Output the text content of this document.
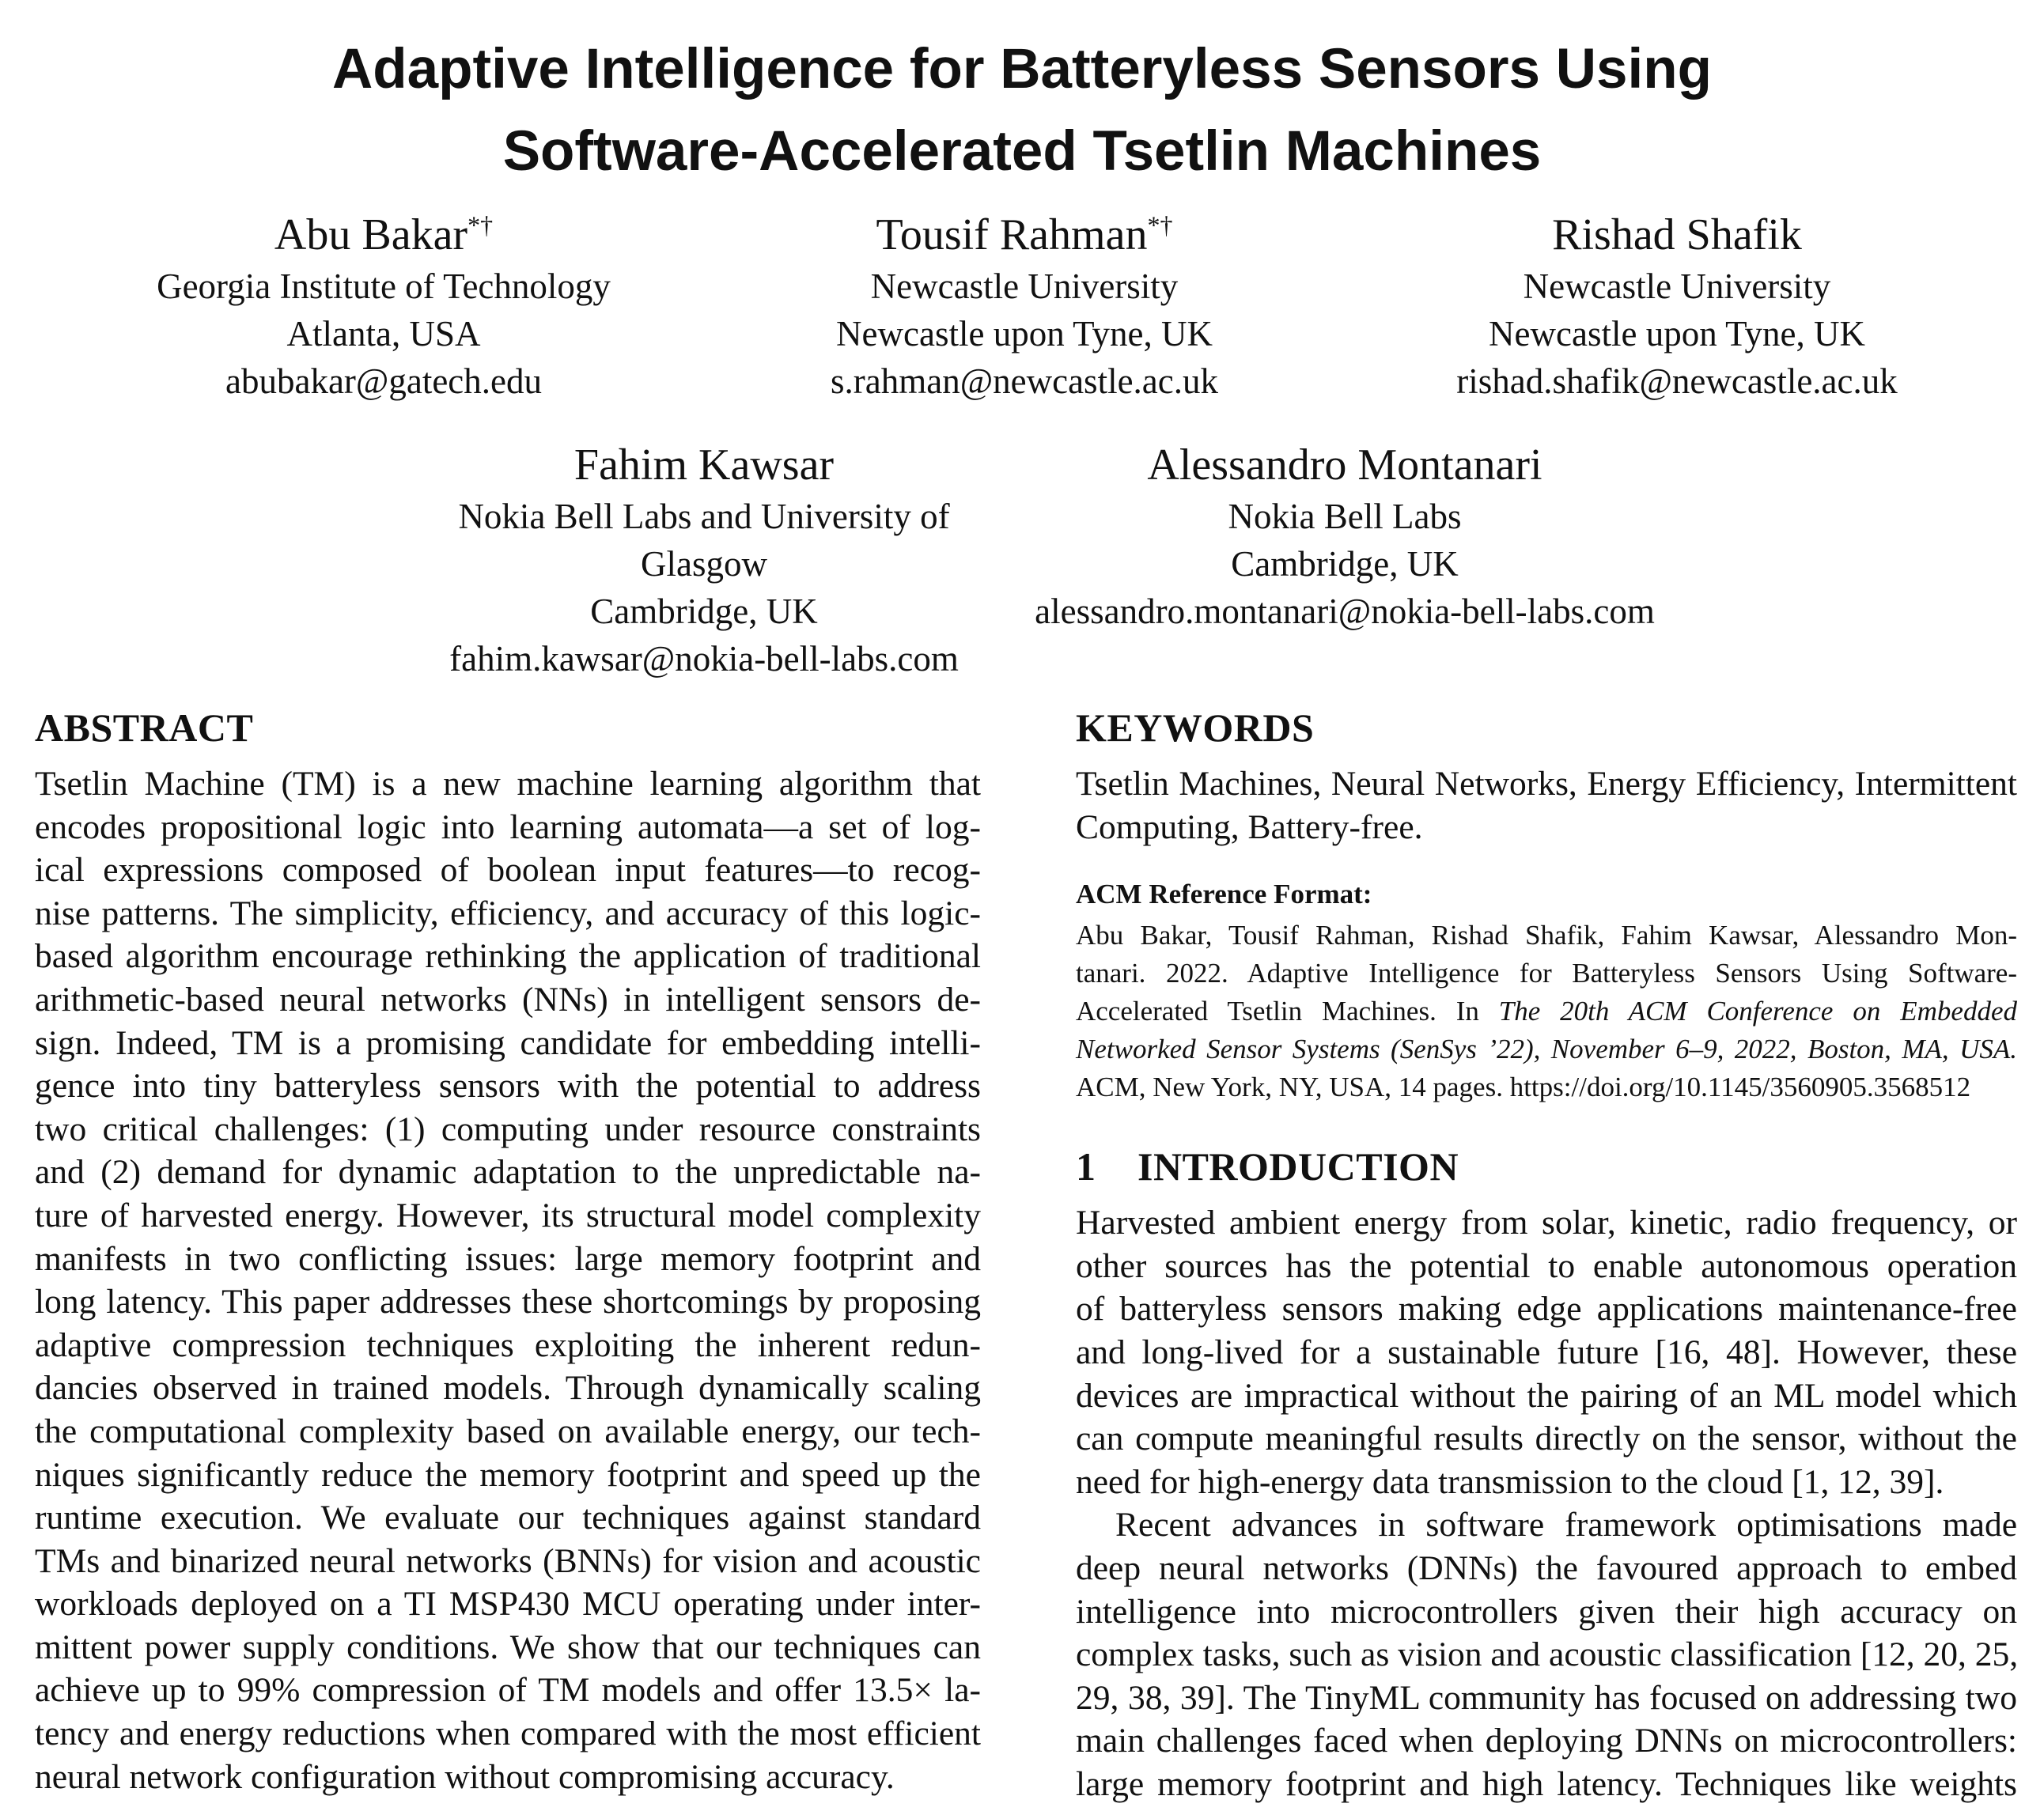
Adaptive Intelligence for Batteryless Sensors Using
Software-Accelerated Tsetlin Machines
Abu Bakar*†
Georgia Institute of Technology
Atlanta, USA
abubakar@gatech.edu
Tousif Rahman*†
Newcastle University
Newcastle upon Tyne, UK
s.rahman@newcastle.ac.uk
Rishad Shafik
Newcastle University
Newcastle upon Tyne, UK
rishad.shafik@newcastle.ac.uk
Fahim Kawsar
Nokia Bell Labs and University of
Glasgow
Cambridge, UK
fahim.kawsar@nokia-bell-labs.com
Alessandro Montanari
Nokia Bell Labs
Cambridge, UK
alessandro.montanari@nokia-bell-labs.com
ABSTRACT
Tsetlin Machine (TM) is a new machine learning algorithm that
encodes propositional logic into learning automata—a set of log-
ical expressions composed of boolean input features—to recog-
nise patterns. The simplicity, efficiency, and accuracy of this logic-
based algorithm encourage rethinking the application of traditional
arithmetic-based neural networks (NNs) in intelligent sensors de-
sign. Indeed, TM is a promising candidate for embedding intelli-
gence into tiny batteryless sensors with the potential to address
two critical challenges: (1) computing under resource constraints
and (2) demand for dynamic adaptation to the unpredictable na-
ture of harvested energy. However, its structural model complexity
manifests in two conflicting issues: large memory footprint and
long latency. This paper addresses these shortcomings by proposing
adaptive compression techniques exploiting the inherent redun-
dancies observed in trained models. Through dynamically scaling
the computational complexity based on available energy, our tech-
niques significantly reduce the memory footprint and speed up the
runtime execution. We evaluate our techniques against standard
TMs and binarized neural networks (BNNs) for vision and acoustic
workloads deployed on a TI MSP430 MCU operating under inter-
mittent power supply conditions. We show that our techniques can
achieve up to 99% compression of TM models and offer 13.5× la-
tency and energy reductions when compared with the most efficient
neural network configuration without compromising accuracy.
KEYWORDS
Tsetlin Machines, Neural Networks, Energy Efficiency, Intermittent
Computing, Battery-free.
ACM Reference Format:
Abu Bakar, Tousif Rahman, Rishad Shafik, Fahim Kawsar, Alessandro Mon-
tanari. 2022. Adaptive Intelligence for Batteryless Sensors Using Software-
Accelerated Tsetlin Machines. In The 20th ACM Conference on Embedded
Networked Sensor Systems (SenSys ’22), November 6–9, 2022, Boston, MA, USA.
ACM, New York, NY, USA, 14 pages. https://doi.org/10.1145/3560905.3568512
1 INTRODUCTION
Harvested ambient energy from solar, kinetic, radio frequency, or
other sources has the potential to enable autonomous operation
of batteryless sensors making edge applications maintenance-free
and long-lived for a sustainable future [16, 48]. However, these
devices are impractical without the pairing of an ML model which
can compute meaningful results directly on the sensor, without the
need for high-energy data transmission to the cloud [1, 12, 39].
Recent advances in software framework optimisations made
deep neural networks (DNNs) the favoured approach to embed
intelligence into microcontrollers given their high accuracy on
complex tasks, such as vision and acoustic classification [12, 20, 25,
29, 38, 39]. The TinyML community has focused on addressing two
main challenges faced when deploying DNNs on microcontrollers:
large memory footprint and high latency. Techniques like weights
